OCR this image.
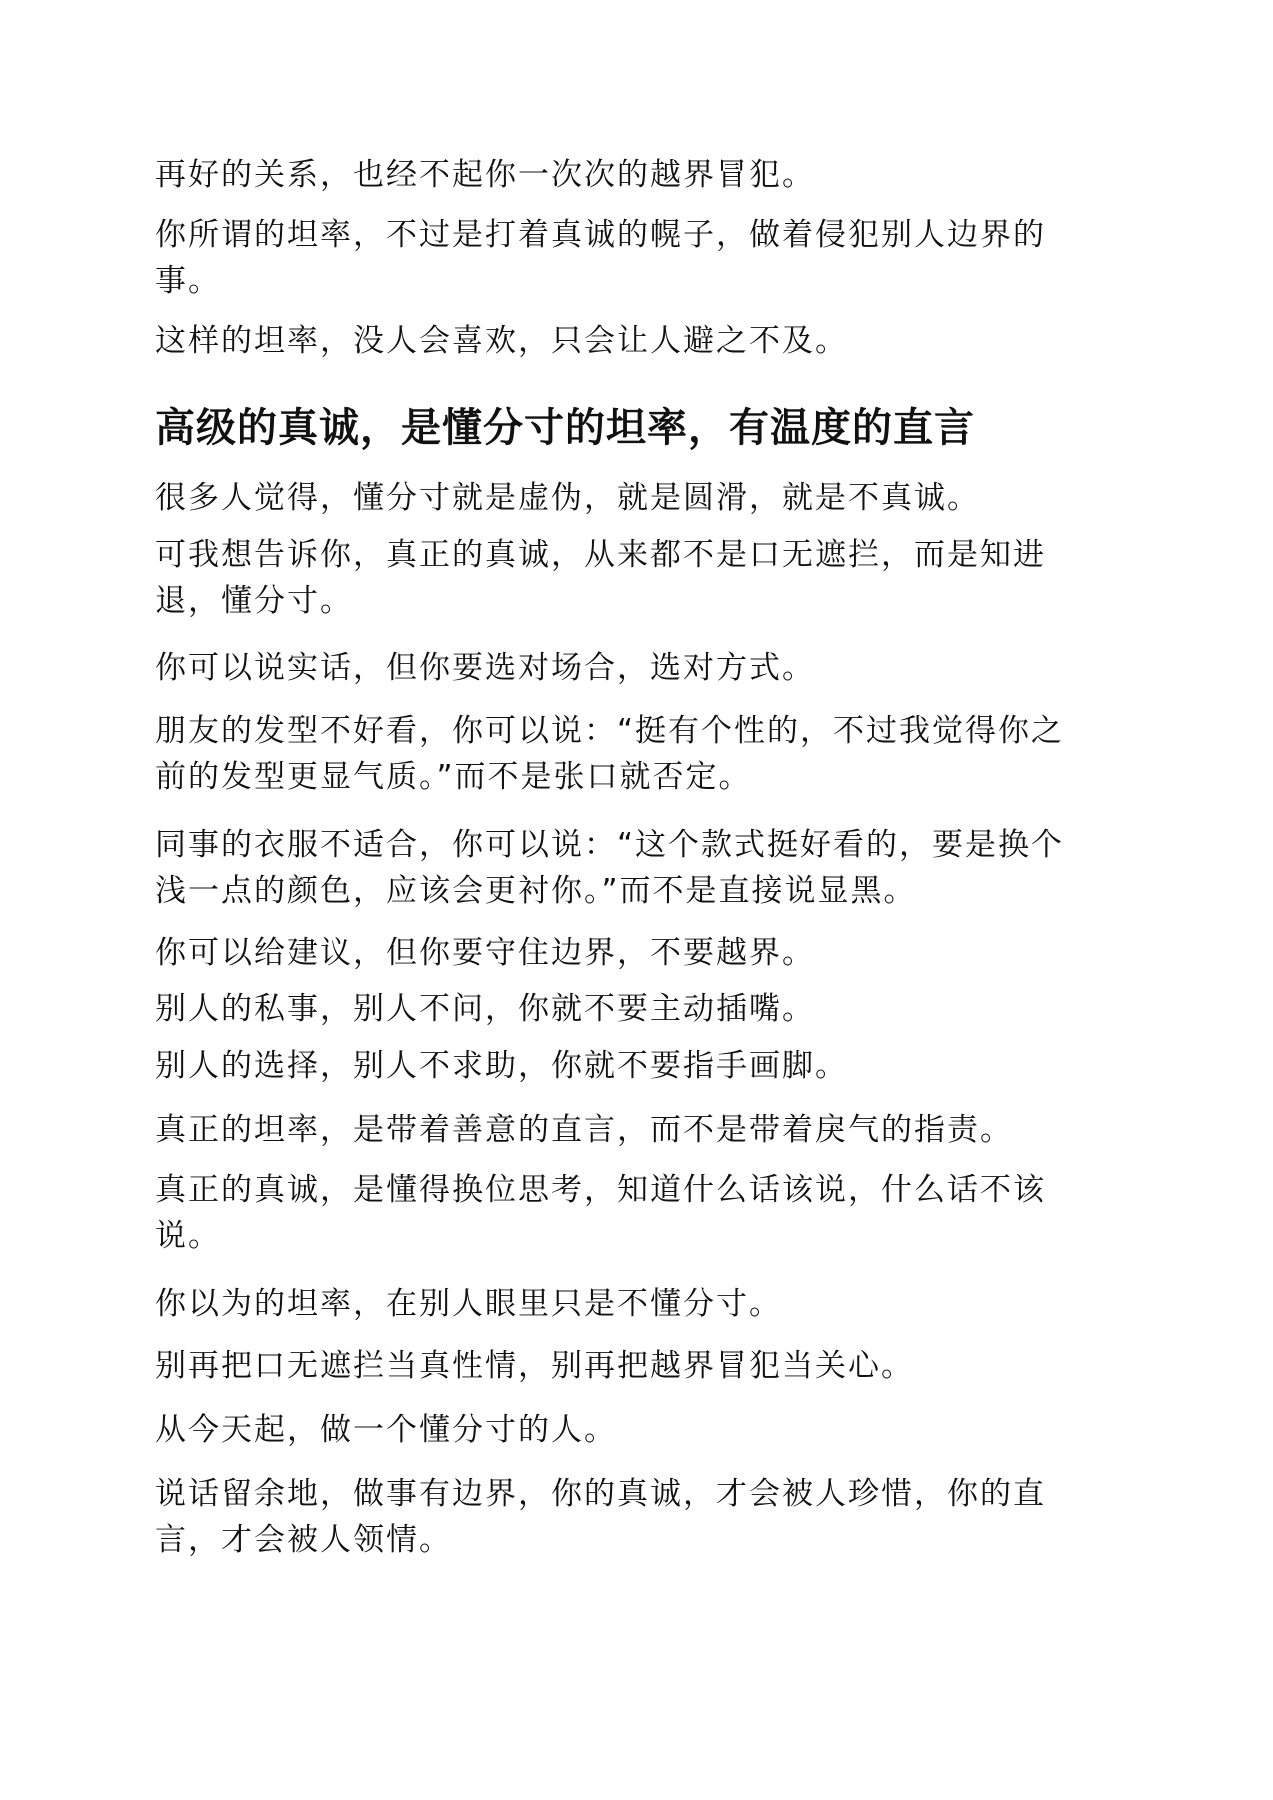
再好的关系，也经不起你一次次的越界冒犯。

你所谓的坦率，不过是打着真诚的幌子，做着侵犯别人边界的
事。

这样的坦率，没人会喜欢，只会让人避之不及。

高级的真诚，是懂分寸的坦率，有温度的直言

很多人觉得，懂分寸就是虚伪，就是圆滑，就是不真诚。

可我想告诉你，真正的真诚，从来都不是口无遮拦，而是知进
退，懂分寸。

你可以说实话，但你要选对场合，选对方式。

朋友的发型不好看，你可以说：“挺有个性的，不过我觉得你之
前的发型更显气质。”而不是张口就否定。

同事的衣服不适合，你可以说：“这个款式挺好看的，要是换个
浅一点的颜色，应该会更衬你。”而不是直接说显黑。

你可以给建议，但你要守住边界，不要越界。

别人的私事，别人不问，你就不要主动插嘴。

别人的选择，别人不求助，你就不要指手画脚。

真正的坦率，是带着善意的直言，而不是带着戾气的指责。

真正的真诚，是懂得换位思考，知道什么话该说，什么话不该
说。

你以为的坦率，在别人眼里只是不懂分寸。

别再把口无遮拦当真性情，别再把越界冒犯当关心。

从今天起，做一个懂分寸的人。

说话留余地，做事有边界，你的真诚，才会被人珍惜，你的直
言，才会被人领情。
